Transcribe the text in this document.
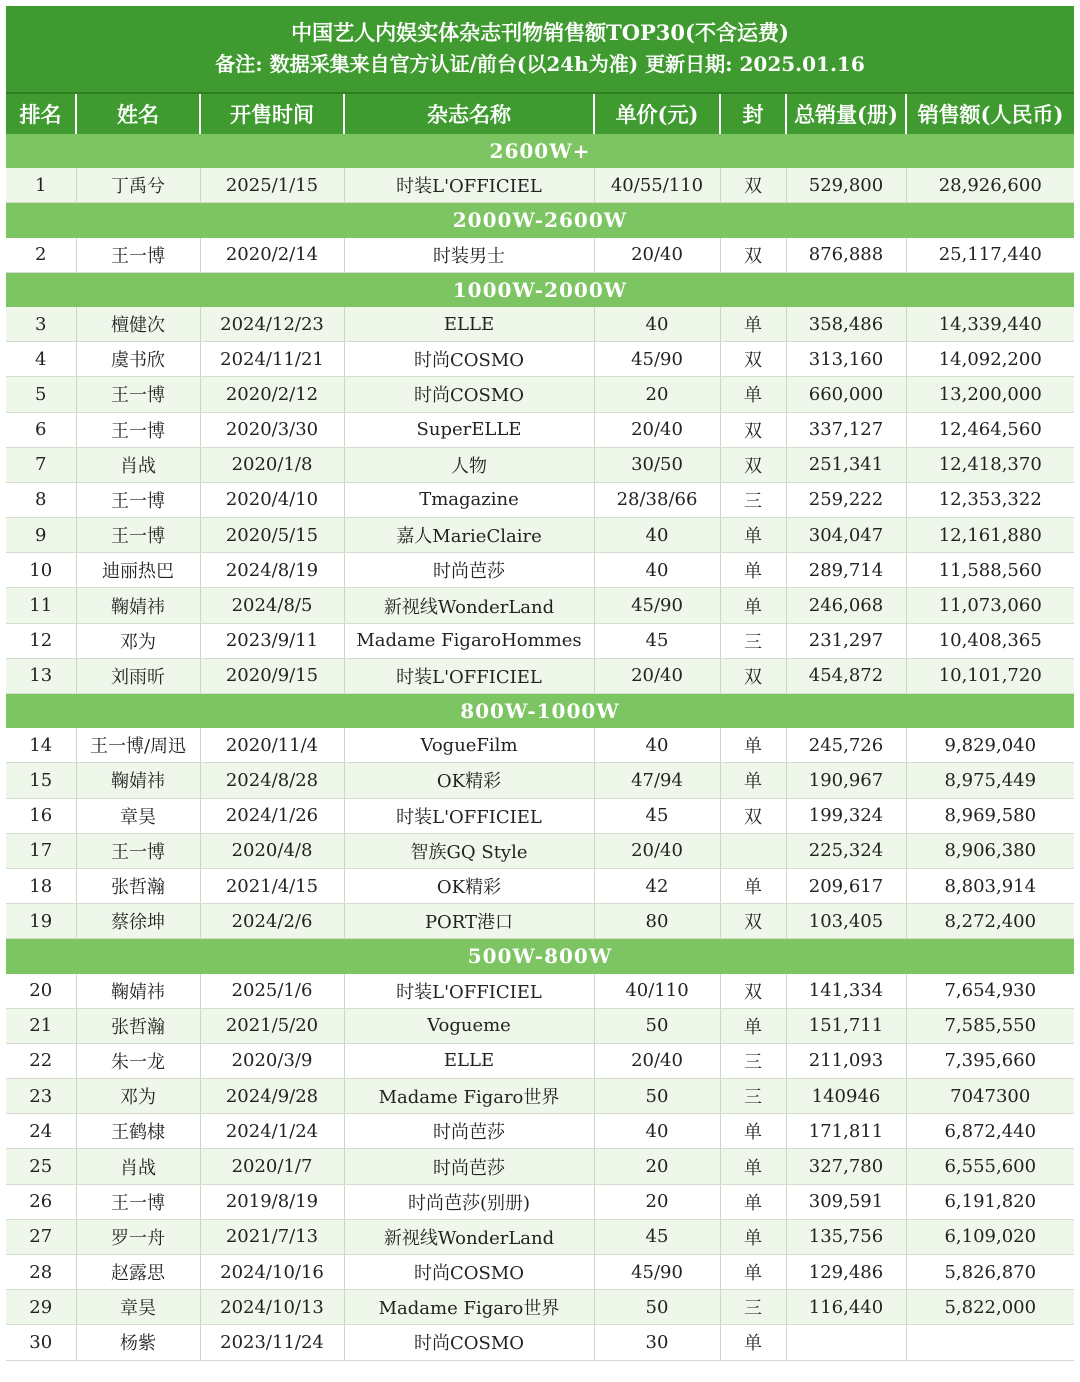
中国艺人内娱实体杂志刊物销售额TOP30(不含运费)
备注: 数据采集来自官方认证/前台(以24h为准) 更新日期: 2025.01.16
排名	姓名	开售时间	杂志名称	单价(元)	封	总销量(册)	销售额(人民币)
2600W+							
1	丁禹兮	2025/1/15	时装L'OFFICIEL	40/55/110	双	529,800	28,926,600
2000W-2600W							
2	王一博	2020/2/14	时装男士	20/40	双	876,888	25,117,440
1000W-2000W							
3	檀健次	2024/12/23	ELLE	40	单	358,486	14,339,440
4	虞书欣	2024/11/21	时尚COSMO	45/90	双	313,160	14,092,200
5	王一博	2020/2/12	时尚COSMO	20	单	660,000	13,200,000
6	王一博	2020/3/30	SuperELLE	20/40	双	337,127	12,464,560
7	肖战	2020/1/8	人物	30/50	双	251,341	12,418,370
8	王一博	2020/4/10	Tmagazine	28/38/66	三	259,222	12,353,322
9	王一博	2020/5/15	嘉人MarieClaire	40	单	304,047	12,161,880
10	迪丽热巴	2024/8/19	时尚芭莎	40	单	289,714	11,588,560
11	鞠婧祎	2024/8/5	新视线WonderLand	45/90	单	246,068	11,073,060
12	邓为	2023/9/11	Madame FigaroHommes	45	三	231,297	10,408,365
13	刘雨昕	2020/9/15	时装L'OFFICIEL	20/40	双	454,872	10,101,720
800W-1000W							
14	王一博/周迅	2020/11/4	VogueFilm	40	单	245,726	9,829,040
15	鞠婧祎	2024/8/28	OK精彩	47/94	单	190,967	8,975,449
16	章昊	2024/1/26	时装L'OFFICIEL	45	双	199,324	8,969,580
17	王一博	2020/4/8	智族GQ Style	20/40		225,324	8,906,380
18	张哲瀚	2021/4/15	OK精彩	42	单	209,617	8,803,914
19	蔡徐坤	2024/2/6	PORT港口	80	双	103,405	8,272,400
500W-800W							
20	鞠婧祎	2025/1/6	时装L'OFFICIEL	40/110	双	141,334	7,654,930
21	张哲瀚	2021/5/20	Vogueme	50	单	151,711	7,585,550
22	朱一龙	2020/3/9	ELLE	20/40	三	211,093	7,395,660
23	邓为	2024/9/28	Madame Figaro世界	50	三	140946	7047300
24	王鹤棣	2024/1/24	时尚芭莎	40	单	171,811	6,872,440
25	肖战	2020/1/7	时尚芭莎	20	单	327,780	6,555,600
26	王一博	2019/8/19	时尚芭莎(别册)	20	单	309,591	6,191,820
27	罗一舟	2021/7/13	新视线WonderLand	45	单	135,756	6,109,020
28	赵露思	2024/10/16	时尚COSMO	45/90	单	129,486	5,826,870
29	章昊	2024/10/13	Madame Figaro世界	50	三	116,440	5,822,000
30	杨紫	2023/11/24	时尚COSMO	30	单		
